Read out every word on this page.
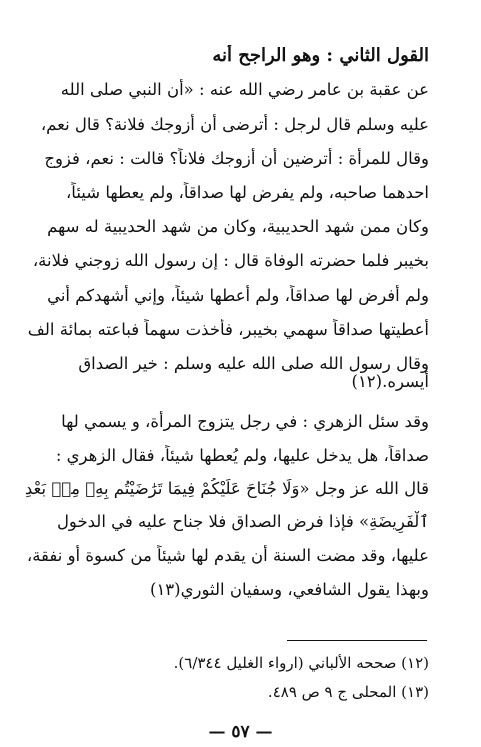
القول الثاني : وهو الراجح أنه
عن عقبة بن عامر رضي الله عنه : «أن النبي صلى الله
عليه وسلم قال لرجل : أترضى أن أزوجك فلانة؟ قال نعم،
وقال للمرأة : أترضين أن أزوجك فلاناً؟ قالت : نعم، فزوج
احدهما صاحبه، ولم يفرض لها صداقاً، ولم يعطها شيئاً،
وكان ممن شهد الحديبية، وكان من شهد الحديبية له سهم
بخيبر فلما حضرته الوفاة قال : إن رسول الله زوجني فلانة،
ولم أفرض لها صداقاً، ولم أعطها شيئاً، وإني أشهدكم أني
أعطيتها صداقاً سهمي بخيبر، فأخذت سهماً فباعته بمائة الف
وقال رسول الله صلى الله عليه وسلم : خير الصداق
أيسره.(١٢)
وقد سئل الزهري : في رجل يتزوج المرأة، و يسمي لها
صداقاً، هل يدخل عليها، ولم يُعطها شيئاً، فقال الزهري :
قال الله عز وجل «وَلَا جُنَاحَ عَلَيْكُمْ فِيمَا تَرَٰضَيْتُم بِهِۦ مِنۢ بَعْدِ
ٱلْفَرِيضَةِ» فإذا فرض الصداق فلا جناح عليه في الدخول
عليها، وقد مضت السنة أن يقدم لها شيئاً من كسوة أو نفقة،
وبهذا يقول الشافعي، وسفيان الثوري(١٣)
(١٢) صححه الألباني (ارواء الغليل ٦/٣٤٤).
(١٣) المحلى ج ٩ ص ٤٨٩.
— ٥٧ —
